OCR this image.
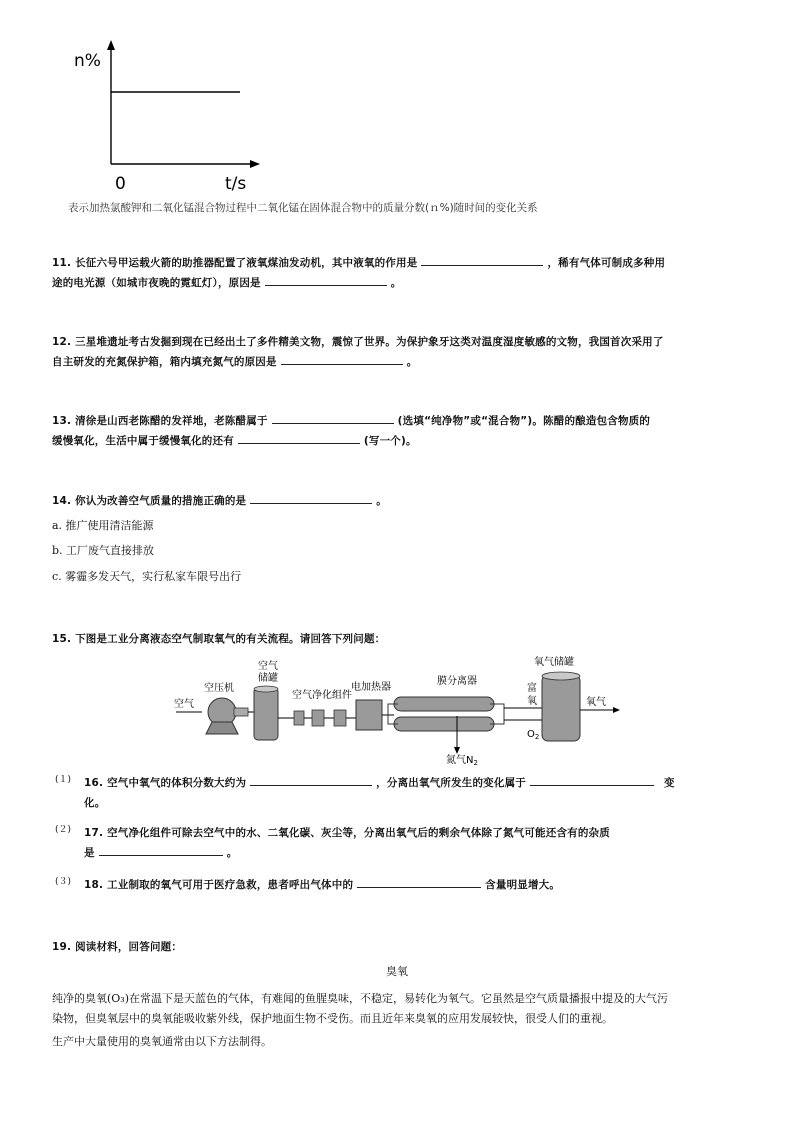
n%
t/s
0
表示加热氯酸钾和二氧化锰混合物过程中二氧化锰在固体混合物中的质量分数(ｎ%)随时间的变化关系
11. 长征六号甲运载火箭的助推器配置了液氧煤油发动机，其中液氧的作用是	，稀有气体可制成多种用
途的电光源（如城市夜晚的霓虹灯），原因是	。
12. 三星堆遗址考古发掘到现在已经出土了多件精美文物，震惊了世界。为保护象牙这类对温度湿度敏感的文物，我国首次采用了
自主研发的充氮保护箱，箱内填充氮气的原因是	。
13. 清徐是山西老陈醋的发祥地，老陈醋属于	(选填“纯净物”或“混合物”)。陈醋的酿造包含物质的
缓慢氧化，生活中属于缓慢氧化的还有	(写一个)。
14. 你认为改善空气质量的措施正确的是	。
a. 推广使用清洁能源
b. 工厂废气直接排放
c. 雾霾多发天气，实行私家车限号出行
15. 下图是工业分离液态空气制取氧气的有关流程。请回答下列问题：
空气
空压机
空气
储罐
空气净化组件
电加热器
膜分离器
氮气$N_2$
富
氧
$O_2$
氧气储罐
氧气
(１) 16. 空气中氧气的体积分数大约为	，分离出氧气所发生的变化属于	变
化。
(２) 17. 空气净化组件可除去空气中的水、二氧化碳、灰尘等，分离出氧气后的剩余气体除了氮气可能还含有的杂质
是	。
(３) 18. 工业制取的氧气可用于医疗急救，患者呼出气体中的	含量明显增大。
19. 阅读材料，回答问题：
臭氧
纯净的臭氧(O₃)在常温下是天蓝色的气体，有难闻的鱼腥臭味，不稳定，易转化为氧气。它虽然是空气质量播报中提及的大气污
染物，但臭氧层中的臭氧能吸收紫外线，保护地面生物不受伤。而且近年来臭氧的应用发展较快，很受人们的重视。
生产中大量使用的臭氧通常由以下方法制得。
